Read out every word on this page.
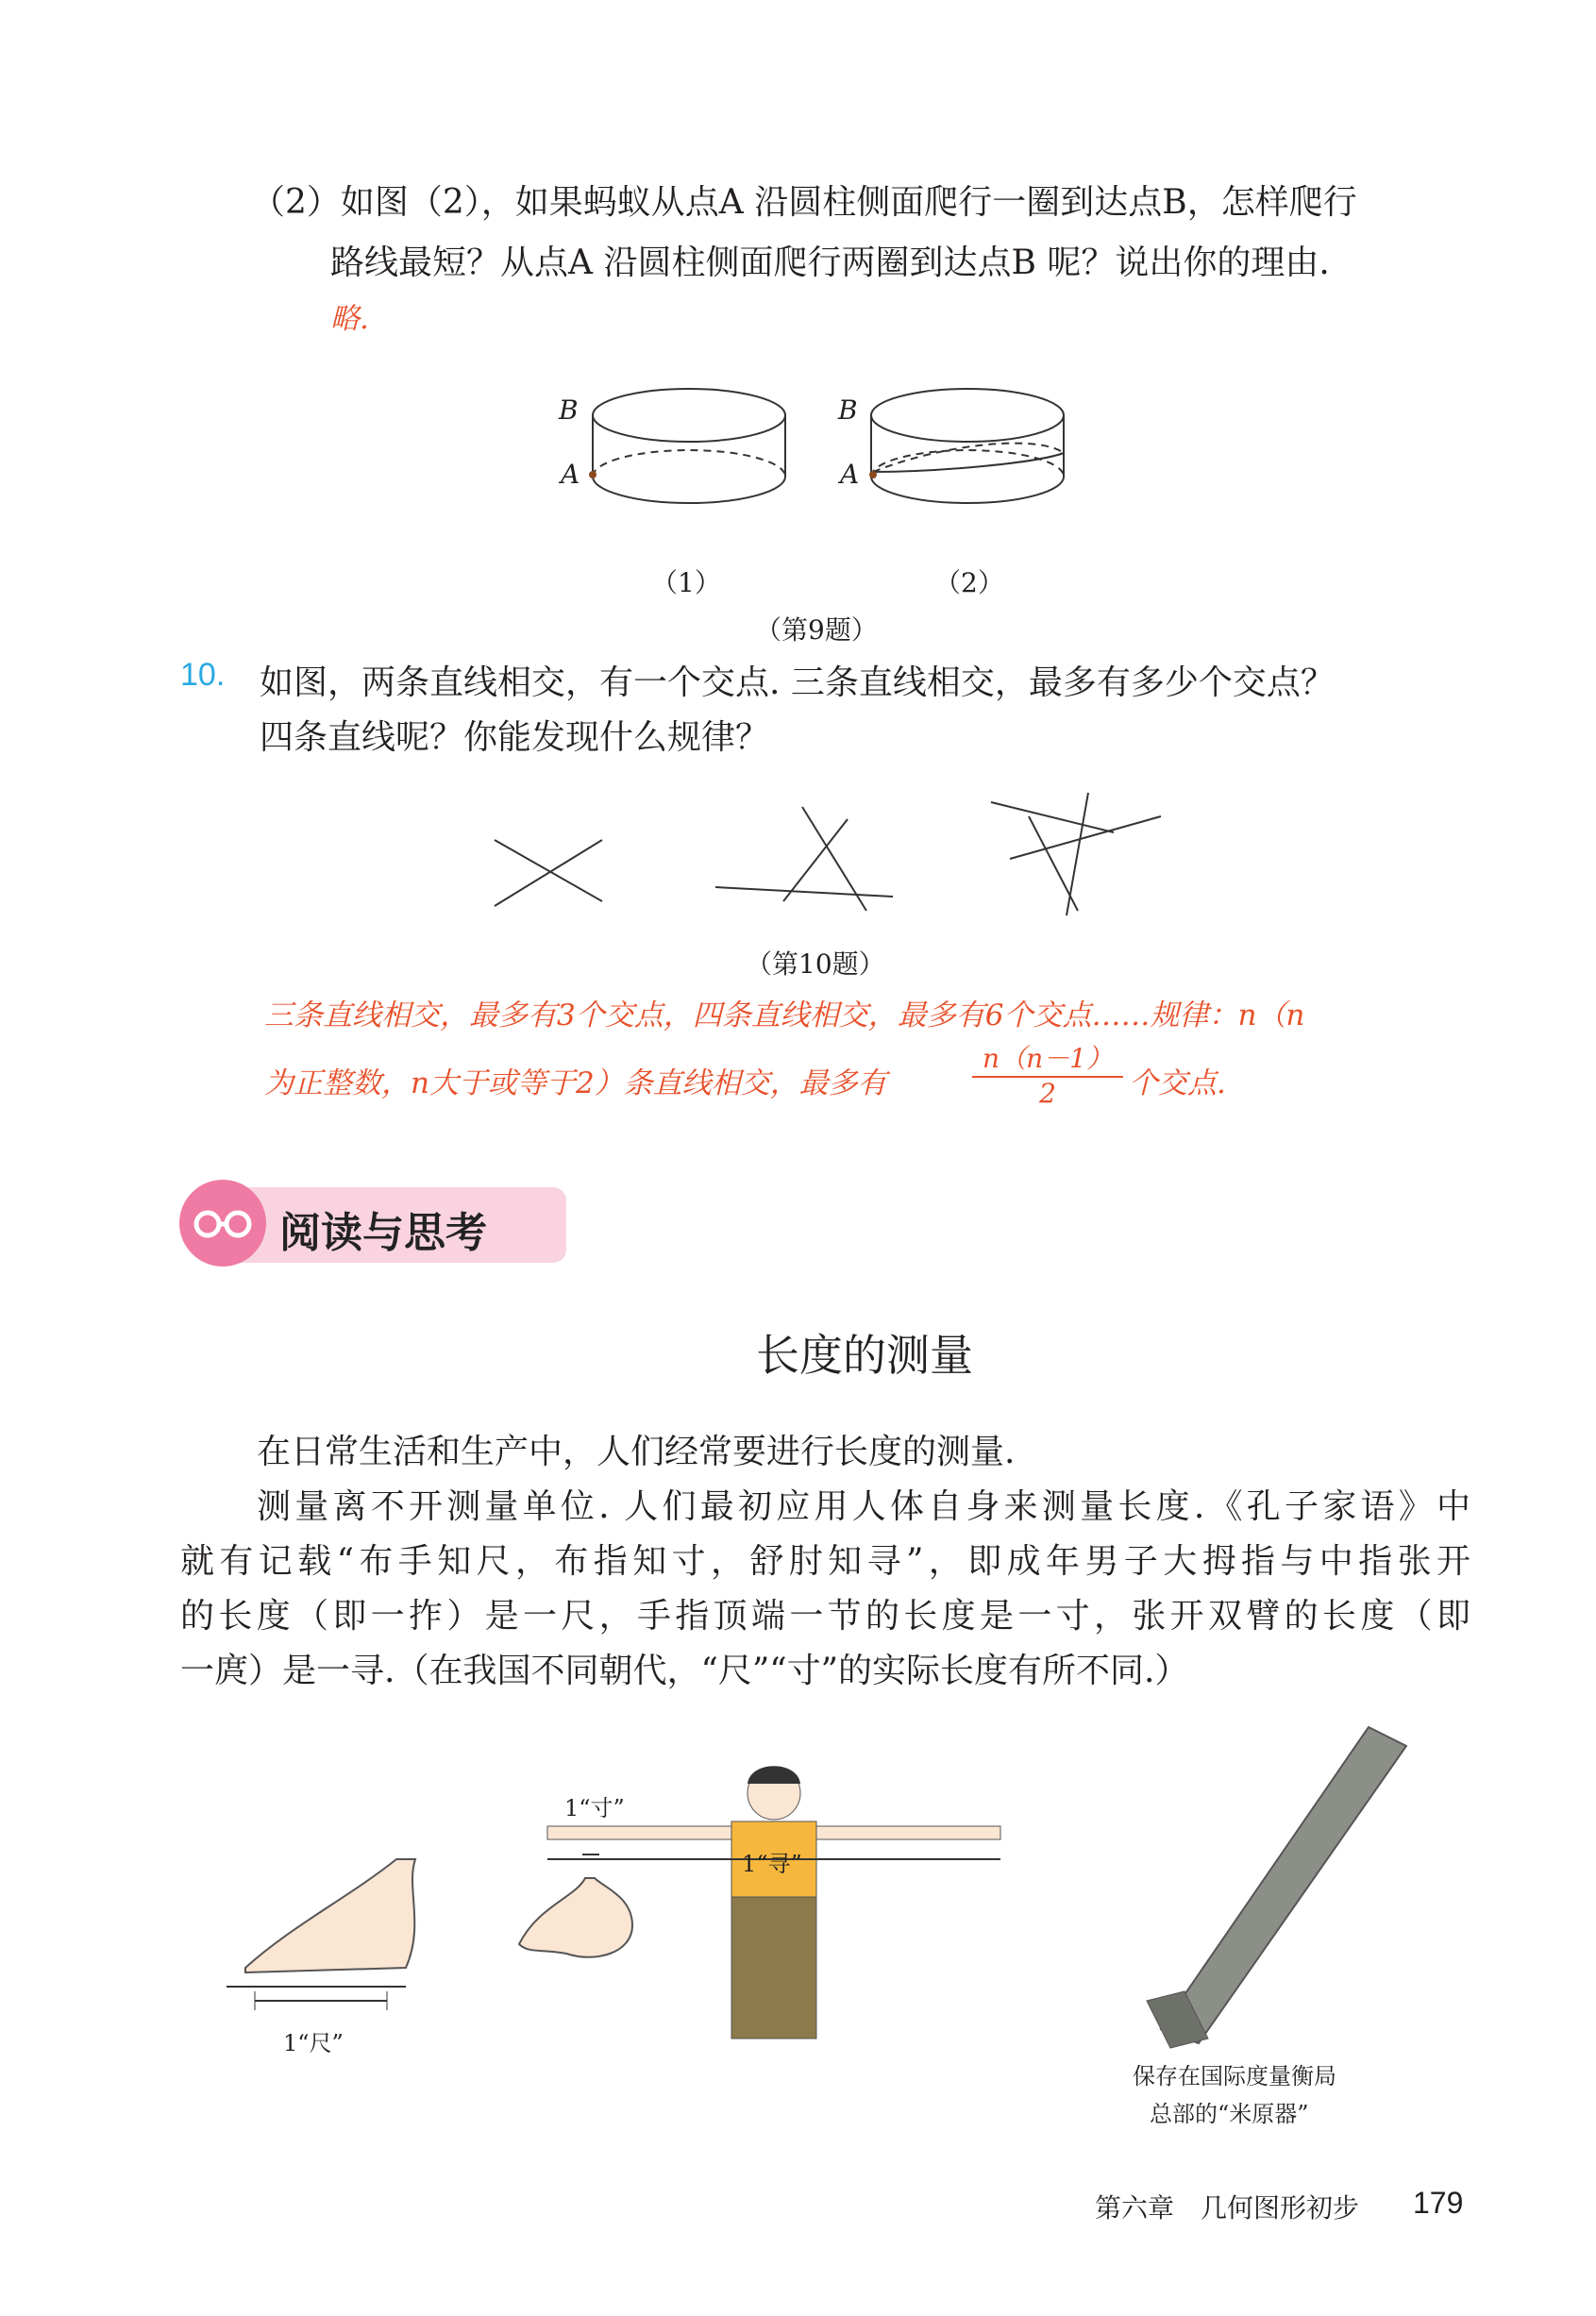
（2）如图（2），如果蚂蚁从点A 沿圆柱侧面爬行一圈到达点B，怎样爬行
路线最短？从点A 沿圆柱侧面爬行两圈到达点B 呢？说出你的理由.
略.
B
A
B
A
（1）	（2）
（第9题）
10. 如图，两条直线相交，有一个交点. 三条直线相交，最多有多少个交点？
四条直线呢？你能发现什么规律？
（第10题）
三条直线相交，最多有3个交点，四条直线相交，最多有6个交点……规律：n（n
为正整数，n大于或等于2）条直线相交，最多有
n（n－1）
2	个交点.
阅读与思考
长度的测量
在日常生活和生产中，人们经常要进行长度的测量.
测量离不开测量单位. 人们最初应用人体自身来测量长度.《孔子家语》中
就有记载“布手知尺，布指知寸，舒肘知寻”，即成年男子大拇指与中指张开
的长度（即一拃）是一尺，手指顶端一节的长度是一寸，张开双臂的长度（即
一庹）是一寻.（在我国不同朝代，“尺”“寸”的实际长度有所不同.）
1“尺”
1“寸”
1“寻”
保存在国际度量衡局
总部的“米原器”
第六章　几何图形初步 179
